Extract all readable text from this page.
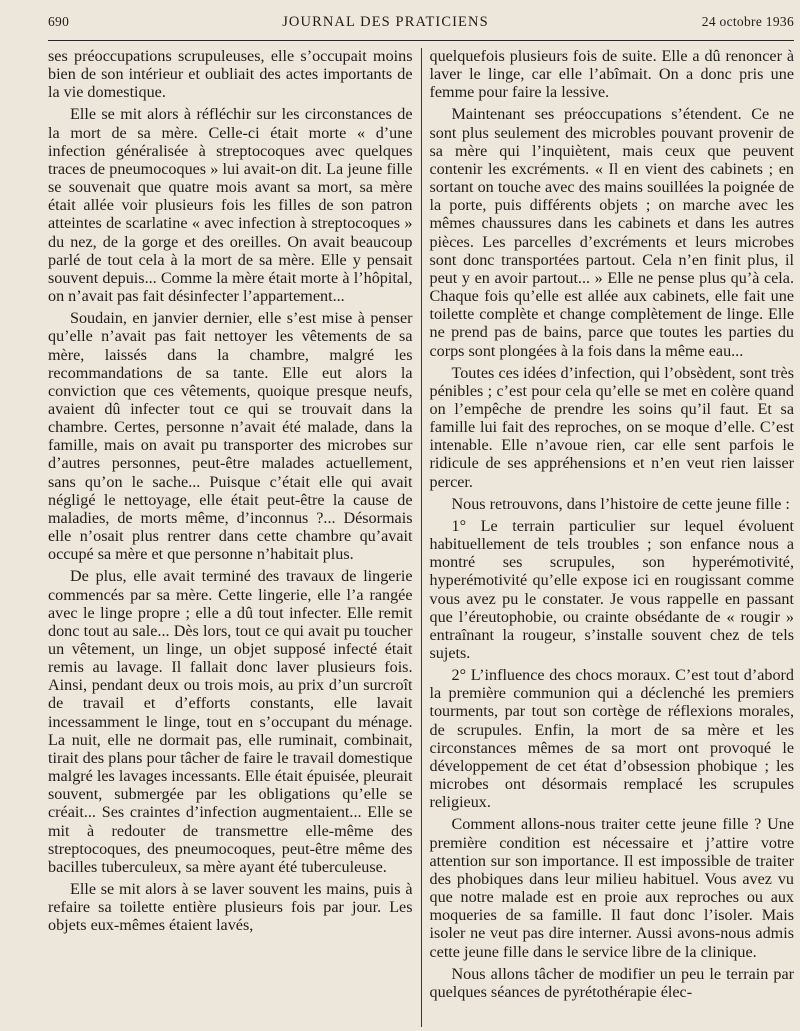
690	JOURNAL DES PRATICIENS	24 octobre 1936

ses préoccupations scrupuleuses, elle s’occupait moins bien de son intérieur et oubliait des actes importants de la vie domestique.

Elle se mit alors à réfléchir sur les circonstances de la mort de sa mère. Celle-ci était morte « d’une infection généralisée à streptocoques avec quelques traces de pneumocoques » lui avait-on dit. La jeune fille se souvenait que quatre mois avant sa mort, sa mère était allée voir plusieurs fois les filles de son patron atteintes de scarlatine « avec infection à streptocoques » du nez, de la gorge et des oreilles. On avait beaucoup parlé de tout cela à la mort de sa mère. Elle y pensait souvent depuis... Comme la mère était morte à l’hôpital, on n’avait pas fait désinfecter l’appartement...

Soudain, en janvier dernier, elle s’est mise à penser qu’elle n’avait pas fait nettoyer les vêtements de sa mère, laissés dans la chambre, malgré les recommandations de sa tante. Elle eut alors la conviction que ces vêtements, quoique presque neufs, avaient dû infecter tout ce qui se trouvait dans la chambre. Certes, personne n’avait été malade, dans la famille, mais on avait pu transporter des microbes sur d’autres personnes, peut-être malades actuellement, sans qu’on le sache... Puisque c’était elle qui avait négligé le nettoyage, elle était peut-être la cause de maladies, de morts même, d’inconnus ?... Désormais elle n’osait plus rentrer dans cette chambre qu’avait occupé sa mère et que personne n’habitait plus.

De plus, elle avait terminé des travaux de lingerie commencés par sa mère. Cette lingerie, elle l’a rangée avec le linge propre ; elle a dû tout infecter. Elle remit donc tout au sale... Dès lors, tout ce qui avait pu toucher un vêtement, un linge, un objet supposé infecté était remis au lavage. Il fallait donc laver plusieurs fois. Ainsi, pendant deux ou trois mois, au prix d’un surcroît de travail et d’efforts constants, elle lavait incessamment le linge, tout en s’occupant du ménage. La nuit, elle ne dormait pas, elle ruminait, combinait, tirait des plans pour tâcher de faire le travail domestique malgré les lavages incessants. Elle était épuisée, pleurait souvent, submergée par les obligations qu’elle se créait... Ses craintes d’infection augmentaient... Elle se mit à redouter de transmettre elle-même des streptocoques, des pneumocoques, peut-être même des bacilles tuberculeux, sa mère ayant été tuberculeuse.

Elle se mit alors à se laver souvent les mains, puis à refaire sa toilette entière plusieurs fois par jour. Les objets eux-mêmes étaient lavés,

quelquefois plusieurs fois de suite. Elle a dû renoncer à laver le linge, car elle l’abîmait. On a donc pris une femme pour faire la lessive.

Maintenant ses préoccupations s’étendent. Ce ne sont plus seulement des microbles pouvant provenir de sa mère qui l’inquiètent, mais ceux que peuvent contenir les excréments. « Il en vient des cabinets ; en sortant on touche avec des mains souillées la poignée de la porte, puis différents objets ; on marche avec les mêmes chaussures dans les cabinets et dans les autres pièces. Les parcelles d’excréments et leurs microbes sont donc transportées partout. Cela n’en finit plus, il peut y en avoir partout... » Elle ne pense plus qu’à cela. Chaque fois qu’elle est allée aux cabinets, elle fait une toilette complète et change complètement de linge. Elle ne prend pas de bains, parce que toutes les parties du corps sont plongées à la fois dans la même eau...

Toutes ces idées d’infection, qui l’obsèdent, sont très pénibles ; c’est pour cela qu’elle se met en colère quand on l’empêche de prendre les soins qu’il faut. Et sa famille lui fait des reproches, on se moque d’elle. C’est intenable. Elle n’avoue rien, car elle sent parfois le ridicule de ses appréhensions et n’en veut rien laisser percer.

Nous retrouvons, dans l’histoire de cette jeune fille :

1° Le terrain particulier sur lequel évoluent habituellement de tels troubles ; son enfance nous a montré ses scrupules, son hyperémotivité, hyperémotivité qu’elle expose ici en rougissant comme vous avez pu le constater. Je vous rappelle en passant que l’éreutophobie, ou crainte obsédante de « rougir » entraînant la rougeur, s’installe souvent chez de tels sujets.

2° L’influence des chocs moraux. C’est tout d’abord la première communion qui a déclenché les premiers tourments, par tout son cortège de réflexions morales, de scrupules. Enfin, la mort de sa mère et les circonstances mêmes de sa mort ont provoqué le développement de cet état d’obsession phobique ; les microbes ont désormais remplacé les scrupules religieux.

Comment allons-nous traiter cette jeune fille ? Une première condition est nécessaire et j’attire votre attention sur son importance. Il est impossible de traiter des phobiques dans leur milieu habituel. Vous avez vu que notre malade est en proie aux reproches ou aux moqueries de sa famille. Il faut donc l’isoler. Mais isoler ne veut pas dire interner. Aussi avons-nous admis cette jeune fille dans le service libre de la clinique.

Nous allons tâcher de modifier un peu le terrain par quelques séances de pyrétothérapie élec-
